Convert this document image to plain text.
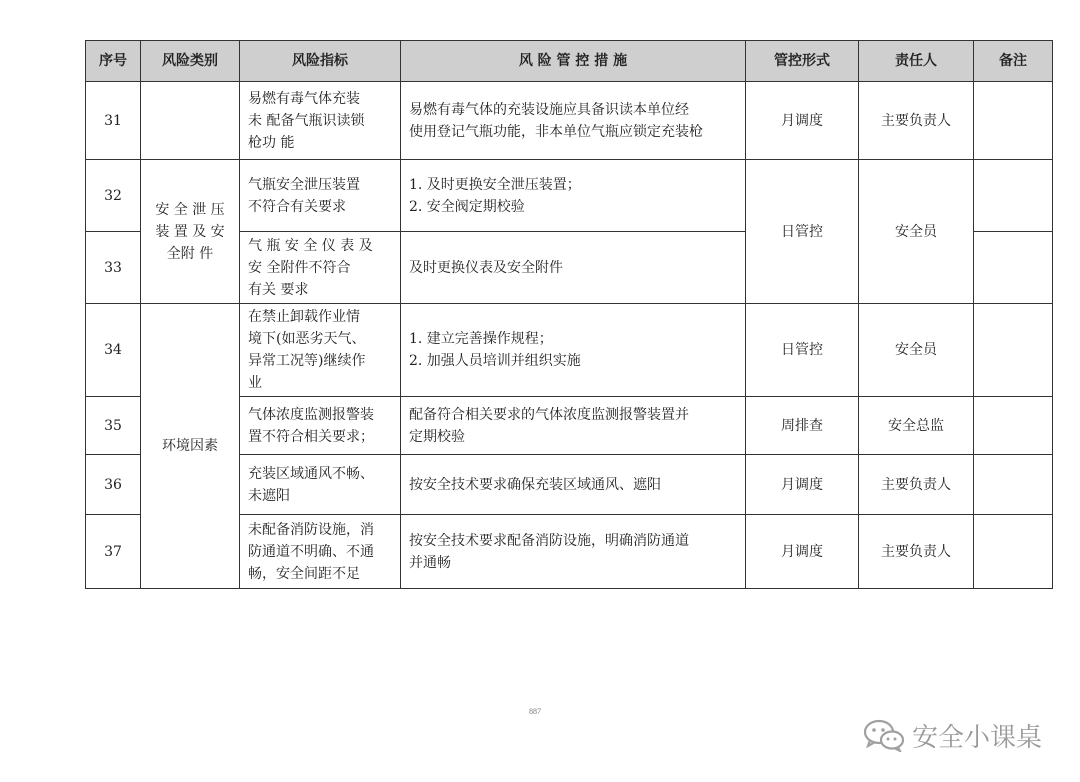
序号	风险类别	风险指标	风 险 管 控 措 施	管控形式	责任人	备注
31		易燃有毒气体充装
未 配备气瓶识读锁
枪功 能	易燃有毒气体的充装设施应具备识读本单位经
使用登记气瓶功能，非本单位气瓶应锁定充装枪	月调度	主要负责人	
32	安 全 泄 压
装 置 及 安
全附 件	气瓶安全泄压装置
不符合有关要求	1. 及时更换安全泄压装置；
2. 安全阀定期校验	日管控	安全员	
33		气 瓶 安 全 仪 表 及
安 全附件不符合
有关 要求	及时更换仪表及安全附件			
34	环境因素	在禁止卸载作业情
境下(如恶劣天气、
异常工况等)继续作
业	1. 建立完善操作规程；
2. 加强人员培训并组织实施	日管控	安全员	
35		气体浓度监测报警装
置不符合相关要求；	配备符合相关要求的气体浓度监测报警装置并
定期校验	周排查	安全总监	
36		充装区域通风不畅、
未遮阳	按安全技术要求确保充装区域通风、遮阳	月调度	主要负责人	
37		未配备消防设施，消
防通道不明确、不通
畅，安全间距不足	按安全技术要求配备消防设施，明确消防通道
并通畅	月调度	主要负责人	
887
安全小课桌
